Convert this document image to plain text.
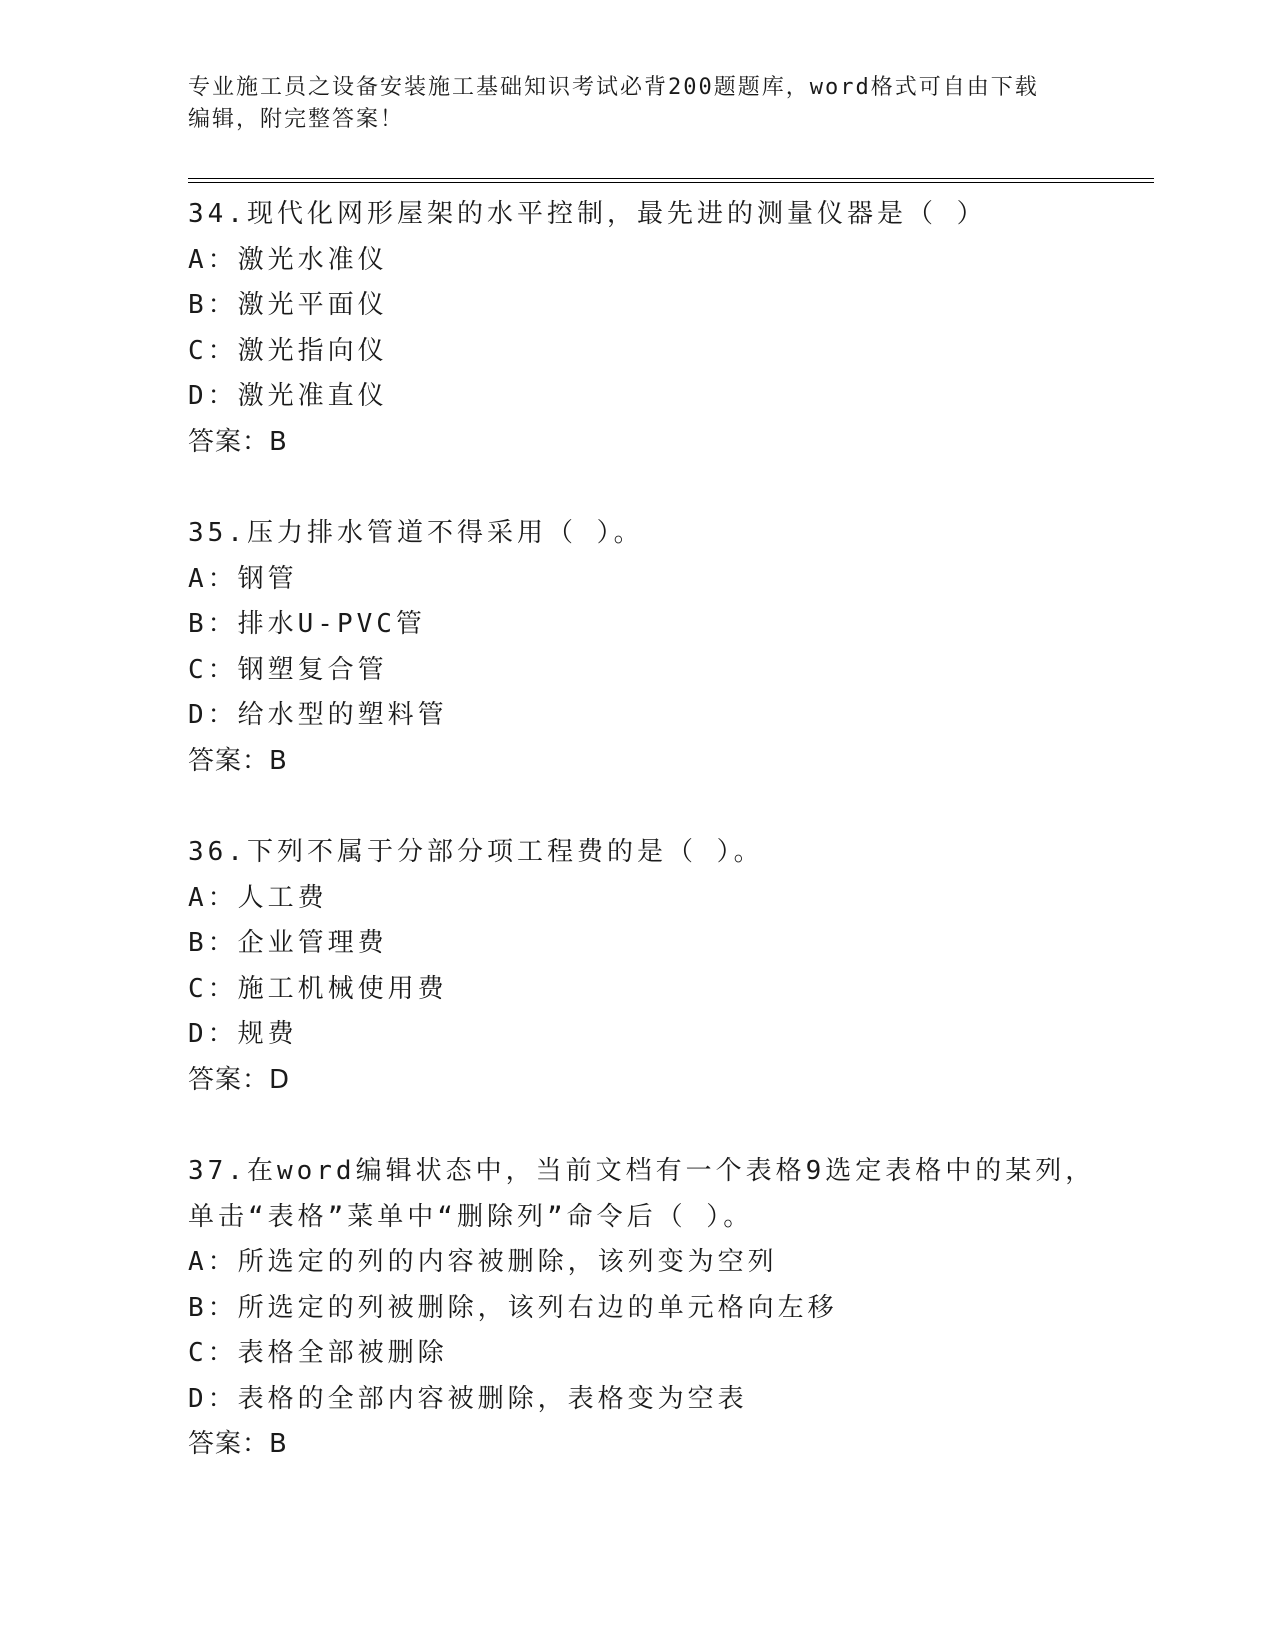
专业施工员之设备安装施工基础知识考试必背200题题库，word格式可自由下载
编辑，附完整答案！
34.现代化网形屋架的水平控制，最先进的测量仪器是（ ）
A：激光水准仪
B：激光平面仪
C：激光指向仪
D：激光准直仪
答案：B
35.压力排水管道不得采用（ ）。
A：钢管
B：排水U-PVC管
C：钢塑复合管
D：给水型的塑料管
答案：B
36.下列不属于分部分项工程费的是（ ）。
A：人工费
B：企业管理费
C：施工机械使用费
D：规费
答案：D
37.在word编辑状态中，当前文档有一个表格9选定表格中的某列，
单击“表格”菜单中“删除列”命令后（ ）。
A：所选定的列的内容被删除，该列变为空列
B：所选定的列被删除，该列右边的单元格向左移
C：表格全部被删除
D：表格的全部内容被删除，表格变为空表
答案：B
